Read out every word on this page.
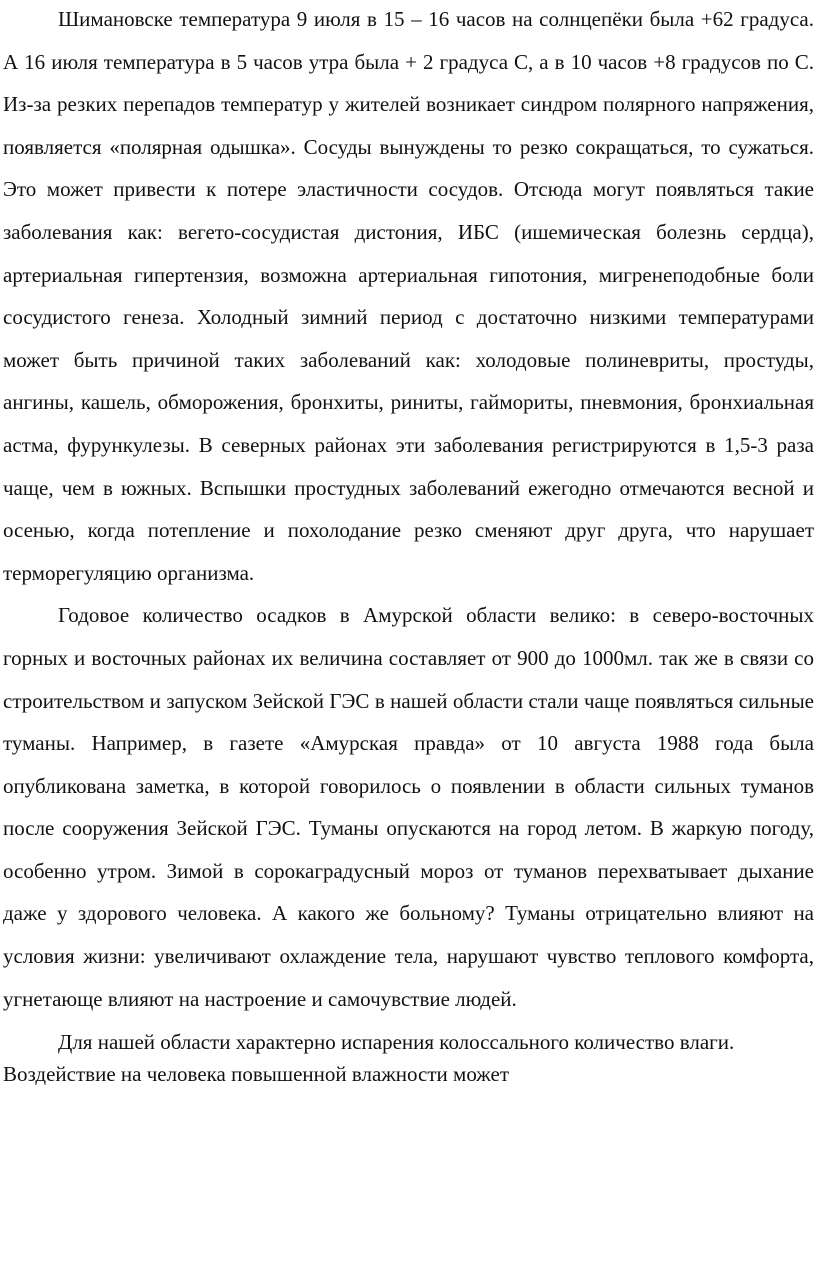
Шимановске температура 9 июля в 15 – 16 часов на солнцепёки была +62 градуса. А 16 июля температура в 5 часов утра была + 2 градуса С, а в 10 часов +8 градусов по С. Из-за резких перепадов температур у жителей возникает синдром полярного напряжения, появляется «полярная одышка». Сосуды вынуждены то резко сокращаться, то сужаться. Это может привести к потере эластичности сосудов. Отсюда могут появляться такие заболевания как: вегето-сосудистая дистония, ИБС (ишемическая болезнь сердца), артериальная гипертензия, возможна артериальная гипотония, мигренеподобные боли сосудистого генеза. Холодный зимний период с достаточно низкими температурами может быть причиной таких заболеваний как: холодовые полиневриты, простуды, ангины, кашель, обморожения, бронхиты, риниты, гаймориты, пневмония, бронхиальная астма, фурункулезы. В северных районах эти заболевания регистрируются в 1,5-3 раза чаще, чем в южных. Вспышки простудных заболеваний ежегодно отмечаются весной и осенью, когда потепление и похолодание резко сменяют друг друга, что нарушает терморегуляцию организма.

Годовое количество осадков в Амурской области велико: в северо-восточных горных и восточных районах их величина составляет от 900 до 1000мл. так же в связи со строительством и запуском Зейской ГЭС в нашей области стали чаще появляться сильные туманы. Например, в газете «Амурская правда» от 10 августа 1988 года была опубликована заметка, в которой говорилось о появлении в области сильных туманов после сооружения Зейской ГЭС. Туманы опускаются на город летом. В жаркую погоду, особенно утром. Зимой в сорокаградусный мороз от туманов перехватывает дыхание даже у здорового человека. А какого же больному? Туманы отрицательно влияют на условия жизни: увеличивают охлаждение тела, нарушают чувство теплового комфорта, угнетающе влияют на настроение и самочувствие людей.

Для нашей области характерно испарения колоссального количество влаги. Воздействие на человека повышенной влажности может
